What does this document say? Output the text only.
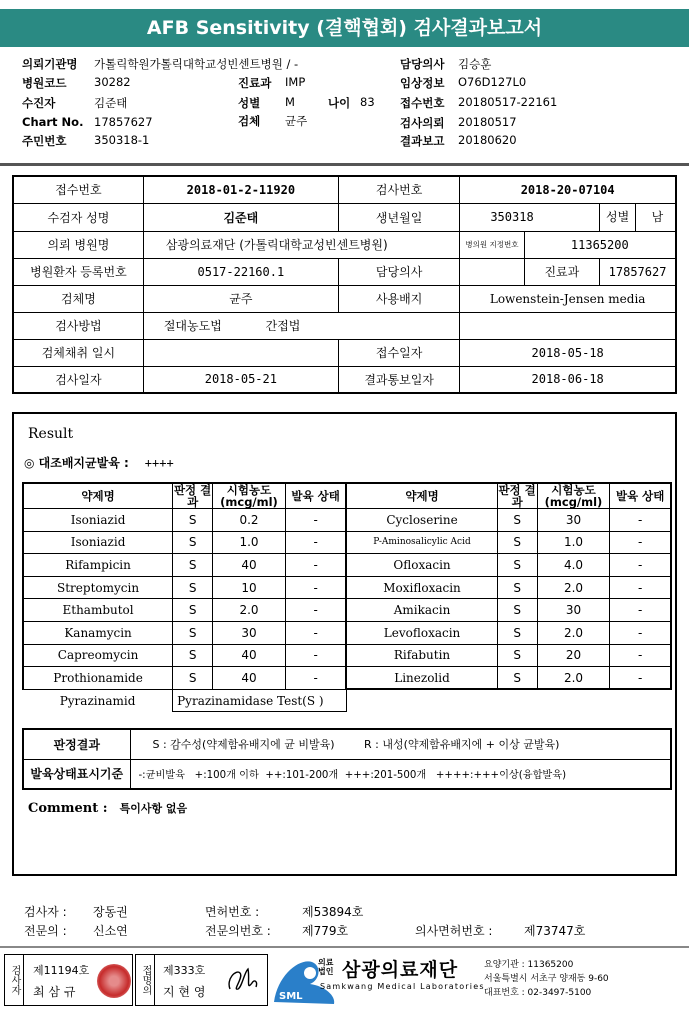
AFB Sensitivity (결핵협회) 검사결과보고서
의뢰기관명 가톨릭학원가톨릭대학교성빈센트병원 / -
병원코드 30282
수진자	김준태
Chart No. 17857627
주민번호 350318-1
진료과 IMP
성별 M	나이 83
검체 균주
담당의사 김승훈
임상정보 O76D127L0
접수번호 20180517-22161
검사의뢰 20180517
결과보고 20180620
접수번호	2018-01-2-11920	검사번호	2018-20-07104		
수검자 성명	김준태	생년월일	350318		성별 남
의뢰 병원명	삼광의료재단 (가톨릭대학교성빈센트병원)		병의원 지정번호	11365200	
병원환자 등록번호	0517-22160.1	담당의사		진료과	17857627
검체명	균주	사용배지	Lowenstein-Jensen media		
검사방법	절대농도법 간접법				
검체채취 일시		접수일자	2018-05-18		
검사일자	2018-05-21	결과통보일자	2018-06-18		
Result
◎ 대조배지균발육 : ++++
약제명	판정 결과	시험농도 (mcg/ml)	발육 상태	약제명	판정 결과	시험농도 (mcg/ml)	발육 상태
Isoniazid	S	0.2	-	Cycloserine	S	30	-
Isoniazid	S	1.0	-	P-Aminosalicylic Acid	S	1.0	-
Rifampicin	S	40	-	Ofloxacin	S	4.0	-
Streptomycin	S	10	-	Moxifloxacin	S	2.0	-
Ethambutol	S	2.0	-	Amikacin	S	30	-
Kanamycin	S	30	-	Levofloxacin	S	2.0	-
Capreomycin	S	40	-	Rifabutin	S	20	-
Prothionamide	S	40	-	Linezolid	S	2.0	-
Pyrazinamid	Pyrazinamidase Test(S )						
판정결과	S : 감수성(약제함유배지에 균 비발육) R : 내성(약제함유배지에 + 이상 균발육)
발육상태표시기준	-:균비발육   +:100개 이하  ++:101-200개  +++:201-500개   ++++:+++이상(융합발육)
Comment : 특이사항 없음
검사자 : 장동권	면허번호 :	제53894호
전문의 : 신소연	전문의번호 :	제779호	의사면허번호 :	제73747호
검사자	제11194호
최 삼 규	접명의	제333호
지 현 영	SML
의료 법인 삼광의료재단
Samkwang Medical Laboratories
요양기관 : 11365200
서울특별시 서초구 양재동 9-60
대표번호 : 02-3497-5100
